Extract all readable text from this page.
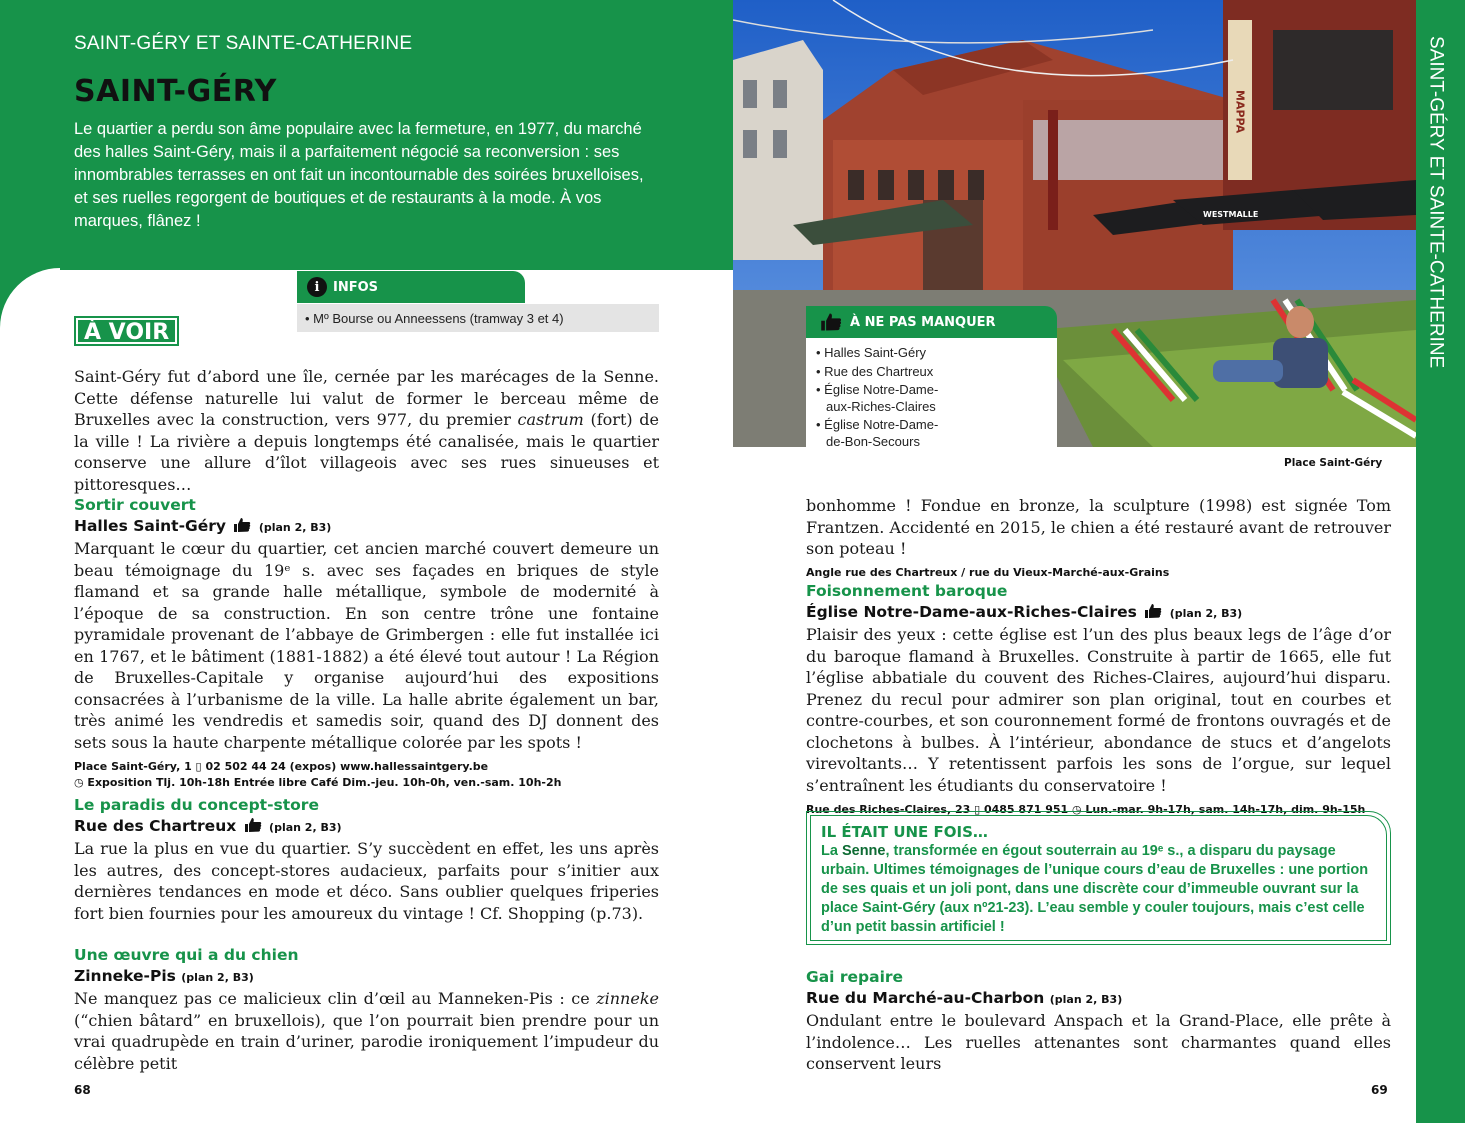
SAINT-GÉRY ET SAINTE-CATHERINE
SAINT-GÉRY
Le quartier a perdu son âme populaire avec la fermeture, en 1977, du marché des halles Saint-Géry, mais il a parfaitement négocié sa reconversion : ses innombrables terrasses en ont fait un incontournable des soirées bruxelloises, et ses ruelles regorgent de boutiques et de restaurants à la mode. À vos marques, flânez !
i	INFOS
• Mº Bourse ou Anneessens (tramway 3 et 4)
À VOIR

Saint-Géry fut d’abord une île, cernée par les marécages de la Senne. Cette défense naturelle lui valut de former le berceau même de Bruxelles avec la construction, vers 977, du premier castrum (fort) de la ville ! La rivière a depuis longtemps été canalisée, mais le quartier conserve une allure d’îlot villageois avec ses rues sinueuses et pittoresques…

Sortir couvert
Halles Saint-Géry	(plan 2, B3)

Marquant le cœur du quartier, cet ancien marché couvert demeure un beau témoignage du 19ᵉ s. avec ses façades en briques de style flamand et sa grande halle métallique, symbole de modernité à l’époque de sa construction. En son centre trône une fontaine pyramidale provenant de l’abbaye de Grimbergen : elle fut installée ici en 1767, et le bâtiment (1881-1882) a été élevé tout autour ! La Région de Bruxelles-Capitale y organise aujourd’hui des expositions consacrées à l’urbanisme de la ville. La halle abrite également un bar, très animé les vendredis et samedis soir, quand des DJ donnent des sets sous la haute charpente métallique colorée par les spots !

Place Saint-Géry, 1 ▯ 02 502 44 24 (expos) www.hallessaintgery.be
◷ Exposition Tlj. 10h-18h Entrée libre Café Dim.-jeu. 10h-0h, ven.-sam. 10h-2h
Le paradis du concept-store
Rue des Chartreux	(plan 2, B3)

La rue la plus en vue du quartier. S’y succèdent en effet, les uns après les autres, des concept-stores audacieux, parfaits pour s’initier aux dernières tendances en mode et déco. Sans oublier quelques friperies fort bien fournies pour les amoureux du vintage ! Cf. Shopping (p.73).

Une œuvre qui a du chien
Zinneke-Pis (plan 2, B3)

Ne manquez pas ce malicieux clin d’œil au Manneken-Pis : ce zinneke (“chien bâtard” en bruxellois), que l’on pourrait bien prendre pour un vrai quadrupède en train d’uriner, parodie ironiquement l’impudeur du célèbre petit

68
MAPPA
WESTMALLE
Place Saint-Géry
À NE PAS MANQUER
• Halles Saint-Géry
• Rue des Chartreux
• Église Notre-Dame-
aux-Riches-Claires
• Église Notre-Dame-
de-Bon-Secours

bonhomme ! Fondue en bronze, la sculpture (1998) est signée Tom Frantzen. Accidenté en 2015, le chien a été restauré avant de retrouver son poteau !

Angle rue des Chartreux / rue du Vieux-Marché-aux-Grains
Foisonnement baroque
Église Notre-Dame-aux-Riches-Claires	(plan 2, B3)

Plaisir des yeux : cette église est l’un des plus beaux legs de l’âge d’or du baroque flamand à Bruxelles. Construite à partir de 1665, elle fut l’église abbatiale du couvent des Riches-Claires, aujourd’hui disparu. Prenez du recul pour admirer son plan original, tout en courbes et contre-courbes, et son couronnement formé de frontons ouvragés et de clochetons à bulbes. À l’intérieur, abondance de stucs et d’angelots virevoltants… Y retentissent parfois les sons de l’orgue, sur lequel s’entraînent les étudiants du conservatoire !

Rue des Riches-Claires, 23 ▯ 0485 871 951 ◷ Lun.-mar. 9h-17h, sam. 14h-17h, dim. 9h-15h
IL ÉTAIT UNE FOIS…
La Senne, transformée en égout souterrain au 19ᵉ s., a disparu du paysage urbain. Ultimes témoignages de l’unique cours d’eau de Bruxelles : une portion de ses quais et un joli pont, dans une discrète cour d’immeuble ouvrant sur la place Saint-Géry (aux nº21-23). L’eau semble y couler toujours, mais c’est celle d’un petit bassin artificiel !
Gai repaire
Rue du Marché-au-Charbon (plan 2, B3)

Ondulant entre le boulevard Anspach et la Grand-Place, elle prête à l’indolence… Les ruelles attenantes sont charmantes quand elles conservent leurs

69
SAINT-GÉRY ET SAINTE-CATHERINE
